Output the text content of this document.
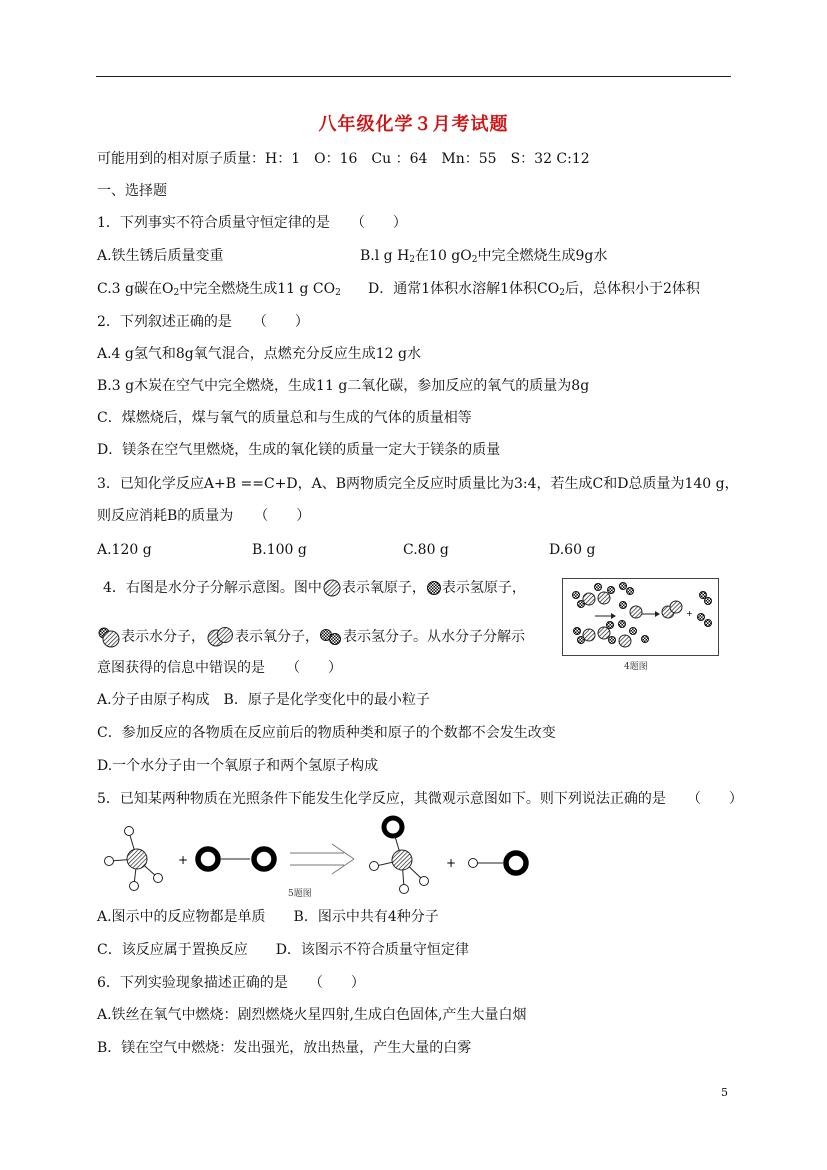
八年级化学３月考试题
可能用到的相对原子质量：H：1　O：16　Cu ：64　Mn：55　S：32 C:12
一、选择题
1．下列事实不符合质量守恒定律的是　　（　　）
A.铁生锈后质量变重	B.l g $H_2$在10 $gO_2$中完全燃烧生成9g水
C.3 g碳在$O_2$中完全燃烧生成11 g $CO_2$ D．通常1体积水溶解1体积$CO_2$后，总体积小于2体积
2．下列叙述正确的是　　（　　）
A.4 g氢气和8g氧气混合，点燃充分反应生成12 g水
B.3 g木炭在空气中完全燃烧，生成11 g二氧化碳，参加反应的氧气的质量为8g
C．煤燃烧后，煤与氧气的质量总和与生成的气体的质量相等
D．镁条在空气里燃烧，生成的氧化镁的质量一定大于镁条的质量
3．已知化学反应A+B ==C+D，A、B两物质完全反应时质量比为3:4，若生成C和D总质量为140 g，
则反应消耗B的质量为　　（　　）
A.120 g	B.100 g	C.80 g	D.60 g
4．右图是水分子分解示意图。图中 表示氧原子， 表示氢原子，
表示水分子， 表示氧分子， 表示氢分子。从水分子分解示
意图获得的信息中错误的是　　（　　）
+
4题图
A.分子由原子构成　B．原子是化学变化中的最小粒子
C．参加反应的各物质在反应前后的物质种类和原子的个数都不会发生改变
D.一个水分子由一个氧原子和两个氢原子构成
5．已知某两种物质在光照条件下能发生化学反应，其微观示意图如下。则下列说法正确的是　　（　　）
+	+
5题图
A.图示中的反应物都是单质　　B．图示中共有4种分子
C．该反应属于置换反应　　D．该图示不符合质量守恒定律
6．下列实验现象描述正确的是　　（　　）
A.铁丝在氧气中燃烧：剧烈燃烧火星四射,生成白色固体,产生大量白烟
B．镁在空气中燃烧：发出强光，放出热量，产生大量的白雾
5
